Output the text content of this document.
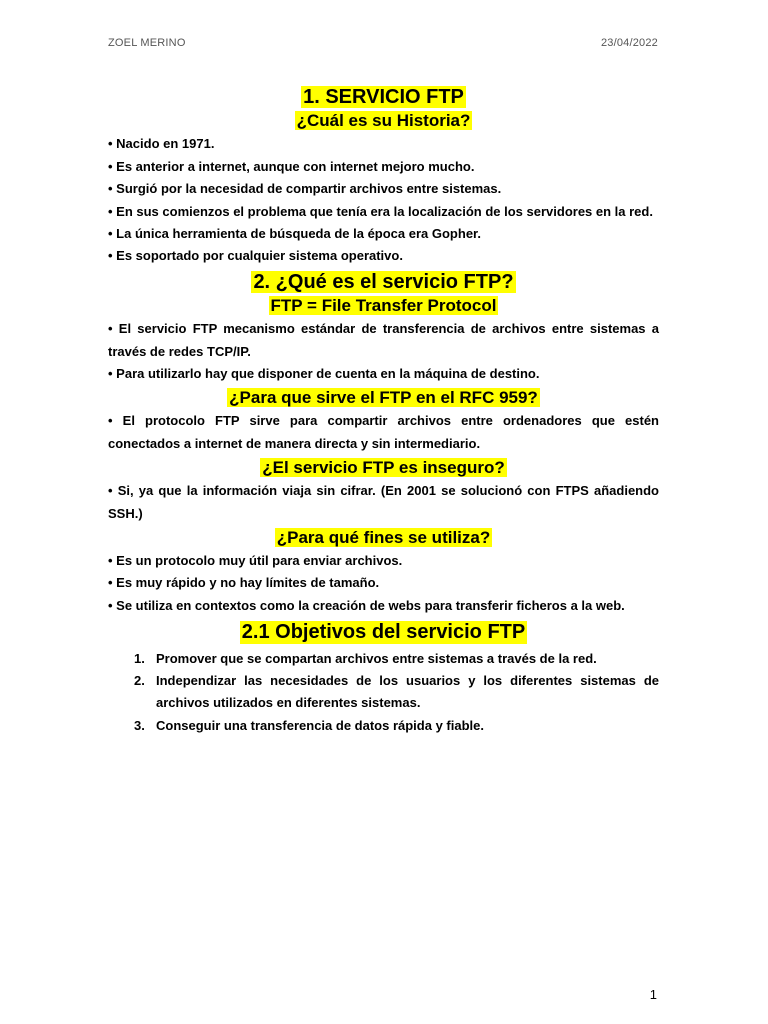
ZOEL MERINO	23/04/2022
1. SERVICIO FTP
¿Cuál es su Historia?

• Nacido en 1971.

• Es anterior a internet, aunque con internet mejoro mucho.

• Surgió por la necesidad de compartir archivos entre sistemas.

• En sus comienzos el problema que tenía era la localización de los servidores en la red.

• La única herramienta de búsqueda de la época era Gopher.

• Es soportado por cualquier sistema operativo.

2. ¿Qué es el servicio FTP?
FTP = File Transfer Protocol

• El servicio FTP mecanismo estándar de transferencia de archivos entre sistemas a través de redes TCP/IP.

• Para utilizarlo hay que disponer de cuenta en la máquina de destino.

¿Para que sirve el FTP en el RFC 959?

• El protocolo FTP sirve para compartir archivos entre ordenadores que estén conectados a internet de manera directa y sin intermediario.

¿El servicio FTP es inseguro?

• Si, ya que la información viaja sin cifrar. (En 2001 se solucionó con FTPS añadiendo SSH.)

¿Para qué fines se utiliza?

• Es un protocolo muy útil para enviar archivos.

• Es muy rápido y no hay límites de tamaño.

• Se utiliza en contextos como la creación de webs para transferir ficheros a la web.

2.1 Objetivos del servicio FTP
1. Promover que se compartan archivos entre sistemas a través de la red.
2. Independizar las necesidades de los usuarios y los diferentes sistemas de archivos utilizados en diferentes sistemas.
3. Conseguir una transferencia de datos rápida y fiable.
1
